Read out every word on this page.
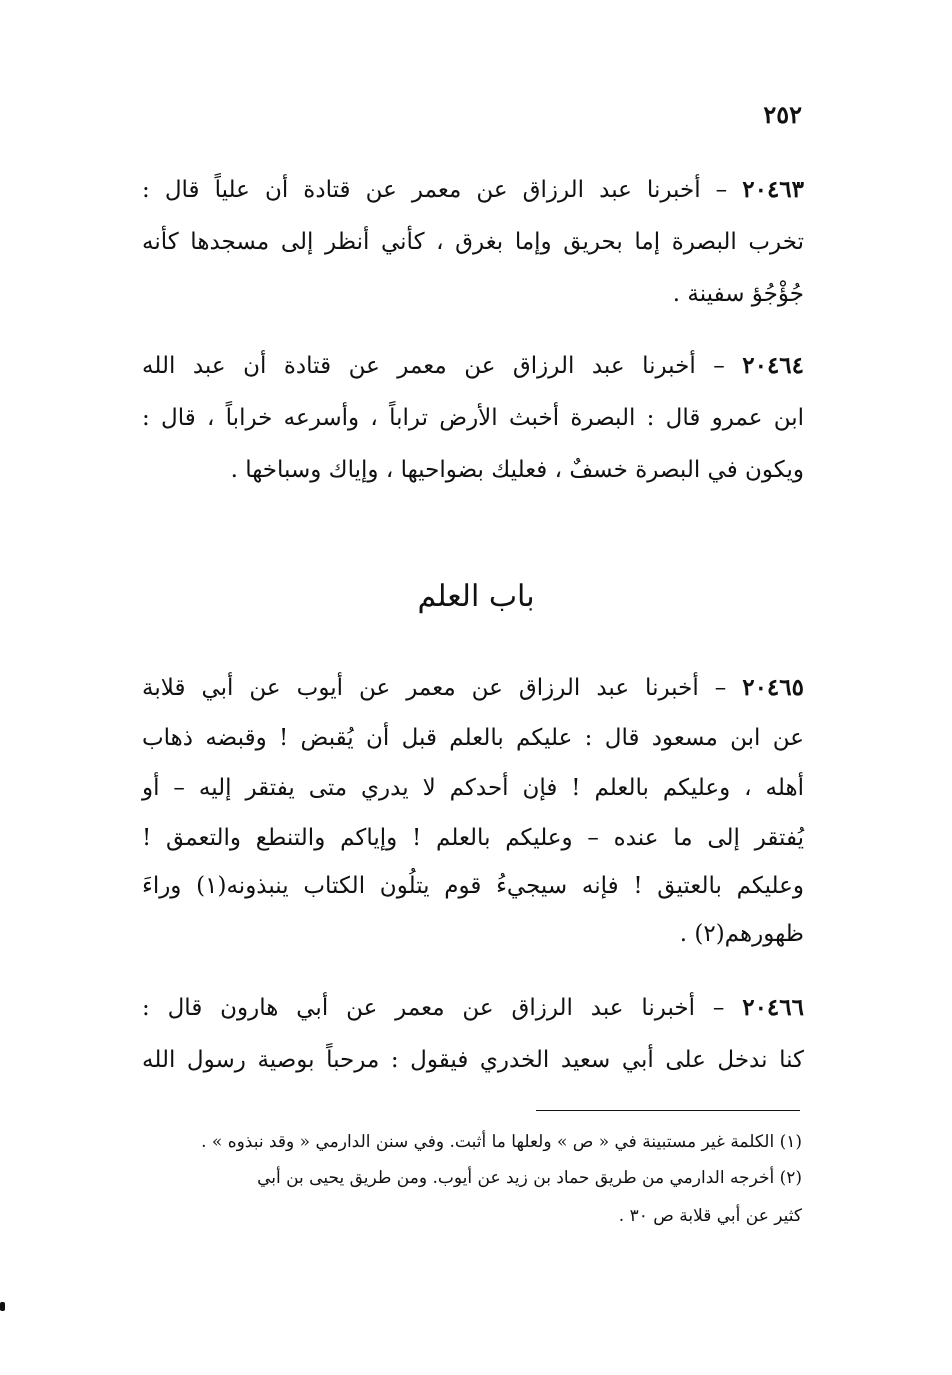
٢٥٢
٢٠٤٦٣ – أخبرنا عبد الرزاق عن معمر عن قتادة أن علياً قال :
تخرب البصرة إما بحريق وإما بغرق ، كأني أنظر إلى مسجدها كأنه
جُؤْجُؤ سفينة .
٢٠٤٦٤ – أخبرنا عبد الرزاق عن معمر عن قتادة أن عبد الله
ابن عمرو قال : البصرة أخبث الأرض تراباً ، وأسرعه خراباً ، قال :
ويكون في البصرة خسفٌ ، فعليك بضواحيها ، وإياك وسباخها .
باب العلم
٢٠٤٦٥ – أخبرنا عبد الرزاق عن معمر عن أيوب عن أبي قلابة
عن ابن مسعود قال : عليكم بالعلم قبل أن يُقبض ! وقبضه ذهاب
أهله ، وعليكم بالعلم ! فإن أحدكم لا يدري متى يفتقر إليه – أو
يُفتقر إلى ما عنده – وعليكم بالعلم ! وإياكم والتنطع والتعمق !
وعليكم بالعتيق ! فإنه سيجيءُ قوم يتلُون الكتاب ينبذونه(١) وراءَ
ظهورهم(٢) .
٢٠٤٦٦ – أخبرنا عبد الرزاق عن معمر عن أبي هارون قال :
كنا ندخل على أبي سعيد الخدري فيقول : مرحباً بوصية رسول الله
(١) الكلمة غير مستبينة في « ص » ولعلها ما أثبت. وفي سنن الدارمي « وقد نبذوه » .
(٢) أخرجه الدارمي من طريق حماد بن زيد عن أيوب. ومن طريق يحيى بن أبي
كثير عن أبي قلابة ص ٣٠ .
